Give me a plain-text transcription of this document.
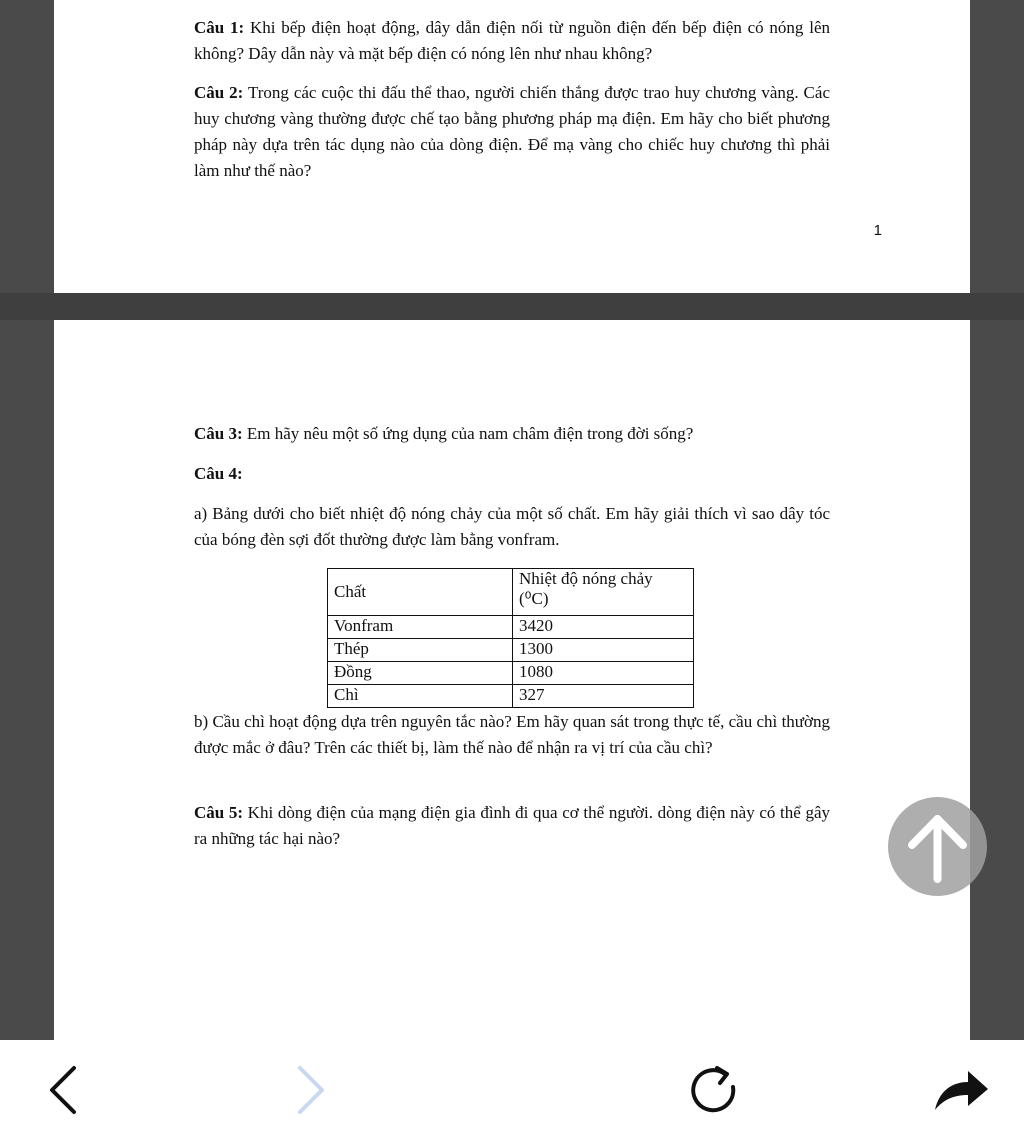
Câu 1: Khi bếp điện hoạt động, dây dẫn điện nối từ nguồn điện đến bếp điện có nóng lên không? Dây dẫn này và mặt bếp điện có nóng lên như nhau không?

Câu 2: Trong các cuộc thi đấu thể thao, người chiến thắng được trao huy chương vàng. Các huy chương vàng thường được chế tạo bằng phương pháp mạ điện. Em hãy cho biết phương pháp này dựa trên tác dụng nào của dòng điện. Để mạ vàng cho chiếc huy chương thì phải làm như thế nào?

1

Câu 3: Em hãy nêu một số ứng dụng của nam châm điện trong đời sống?

Câu 4:

a) Bảng dưới cho biết nhiệt độ nóng chảy của một số chất. Em hãy giải thích vì sao dây tóc của bóng đèn sợi đốt thường được làm bằng vonfram.

Chất	Nhiệt độ nóng chảy
(⁰C)

Vonfram	3420
Thép	1300
Đồng	1080
Chì	327

b) Cầu chì hoạt động dựa trên nguyên tắc nào? Em hãy quan sát trong thực tế, cầu chì thường được mắc ở đâu? Trên các thiết bị, làm thế nào để nhận ra vị trí của cầu chì?

Câu 5: Khi dòng điện của mạng điện gia đình đi qua cơ thể người. dòng điện này có thể gây ra những tác hại nào?
